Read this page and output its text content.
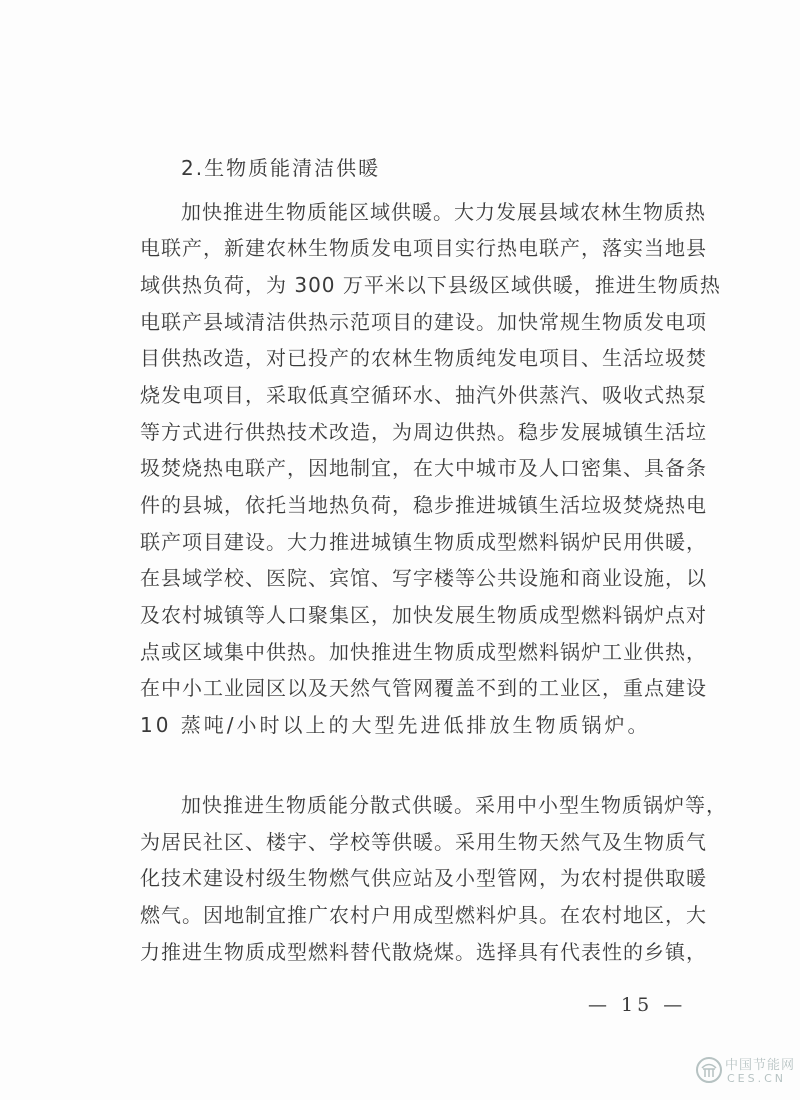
2.生物质能清洁供暖
加快推进生物质能区域供暖。大力发展县域农林生物质热
电联产，新建农林生物质发电项目实行热电联产，落实当地县
域供热负荷，为 300 万平米以下县级区域供暖，推进生物质热
电联产县域清洁供热示范项目的建设。加快常规生物质发电项
目供热改造，对已投产的农林生物质纯发电项目、生活垃圾焚
烧发电项目，采取低真空循环水、抽汽外供蒸汽、吸收式热泵
等方式进行供热技术改造，为周边供热。稳步发展城镇生活垃
圾焚烧热电联产，因地制宜，在大中城市及人口密集、具备条
件的县城，依托当地热负荷，稳步推进城镇生活垃圾焚烧热电
联产项目建设。大力推进城镇生物质成型燃料锅炉民用供暖，
在县域学校、医院、宾馆、写字楼等公共设施和商业设施，以
及农村城镇等人口聚集区，加快发展生物质成型燃料锅炉点对
点或区域集中供热。加快推进生物质成型燃料锅炉工业供热，
在中小工业园区以及天然气管网覆盖不到的工业区，重点建设
10 蒸吨/小时以上的大型先进低排放生物质锅炉。
加快推进生物质能分散式供暖。采用中小型生物质锅炉等，
为居民社区、楼宇、学校等供暖。采用生物天然气及生物质气
化技术建设村级生物燃气供应站及小型管网，为农村提供取暖
燃气。因地制宜推广农村户用成型燃料炉具。在农村地区，大
力推进生物质成型燃料替代散烧煤。选择具有代表性的乡镇，
— 15 —
中国节能网
CES.CN
